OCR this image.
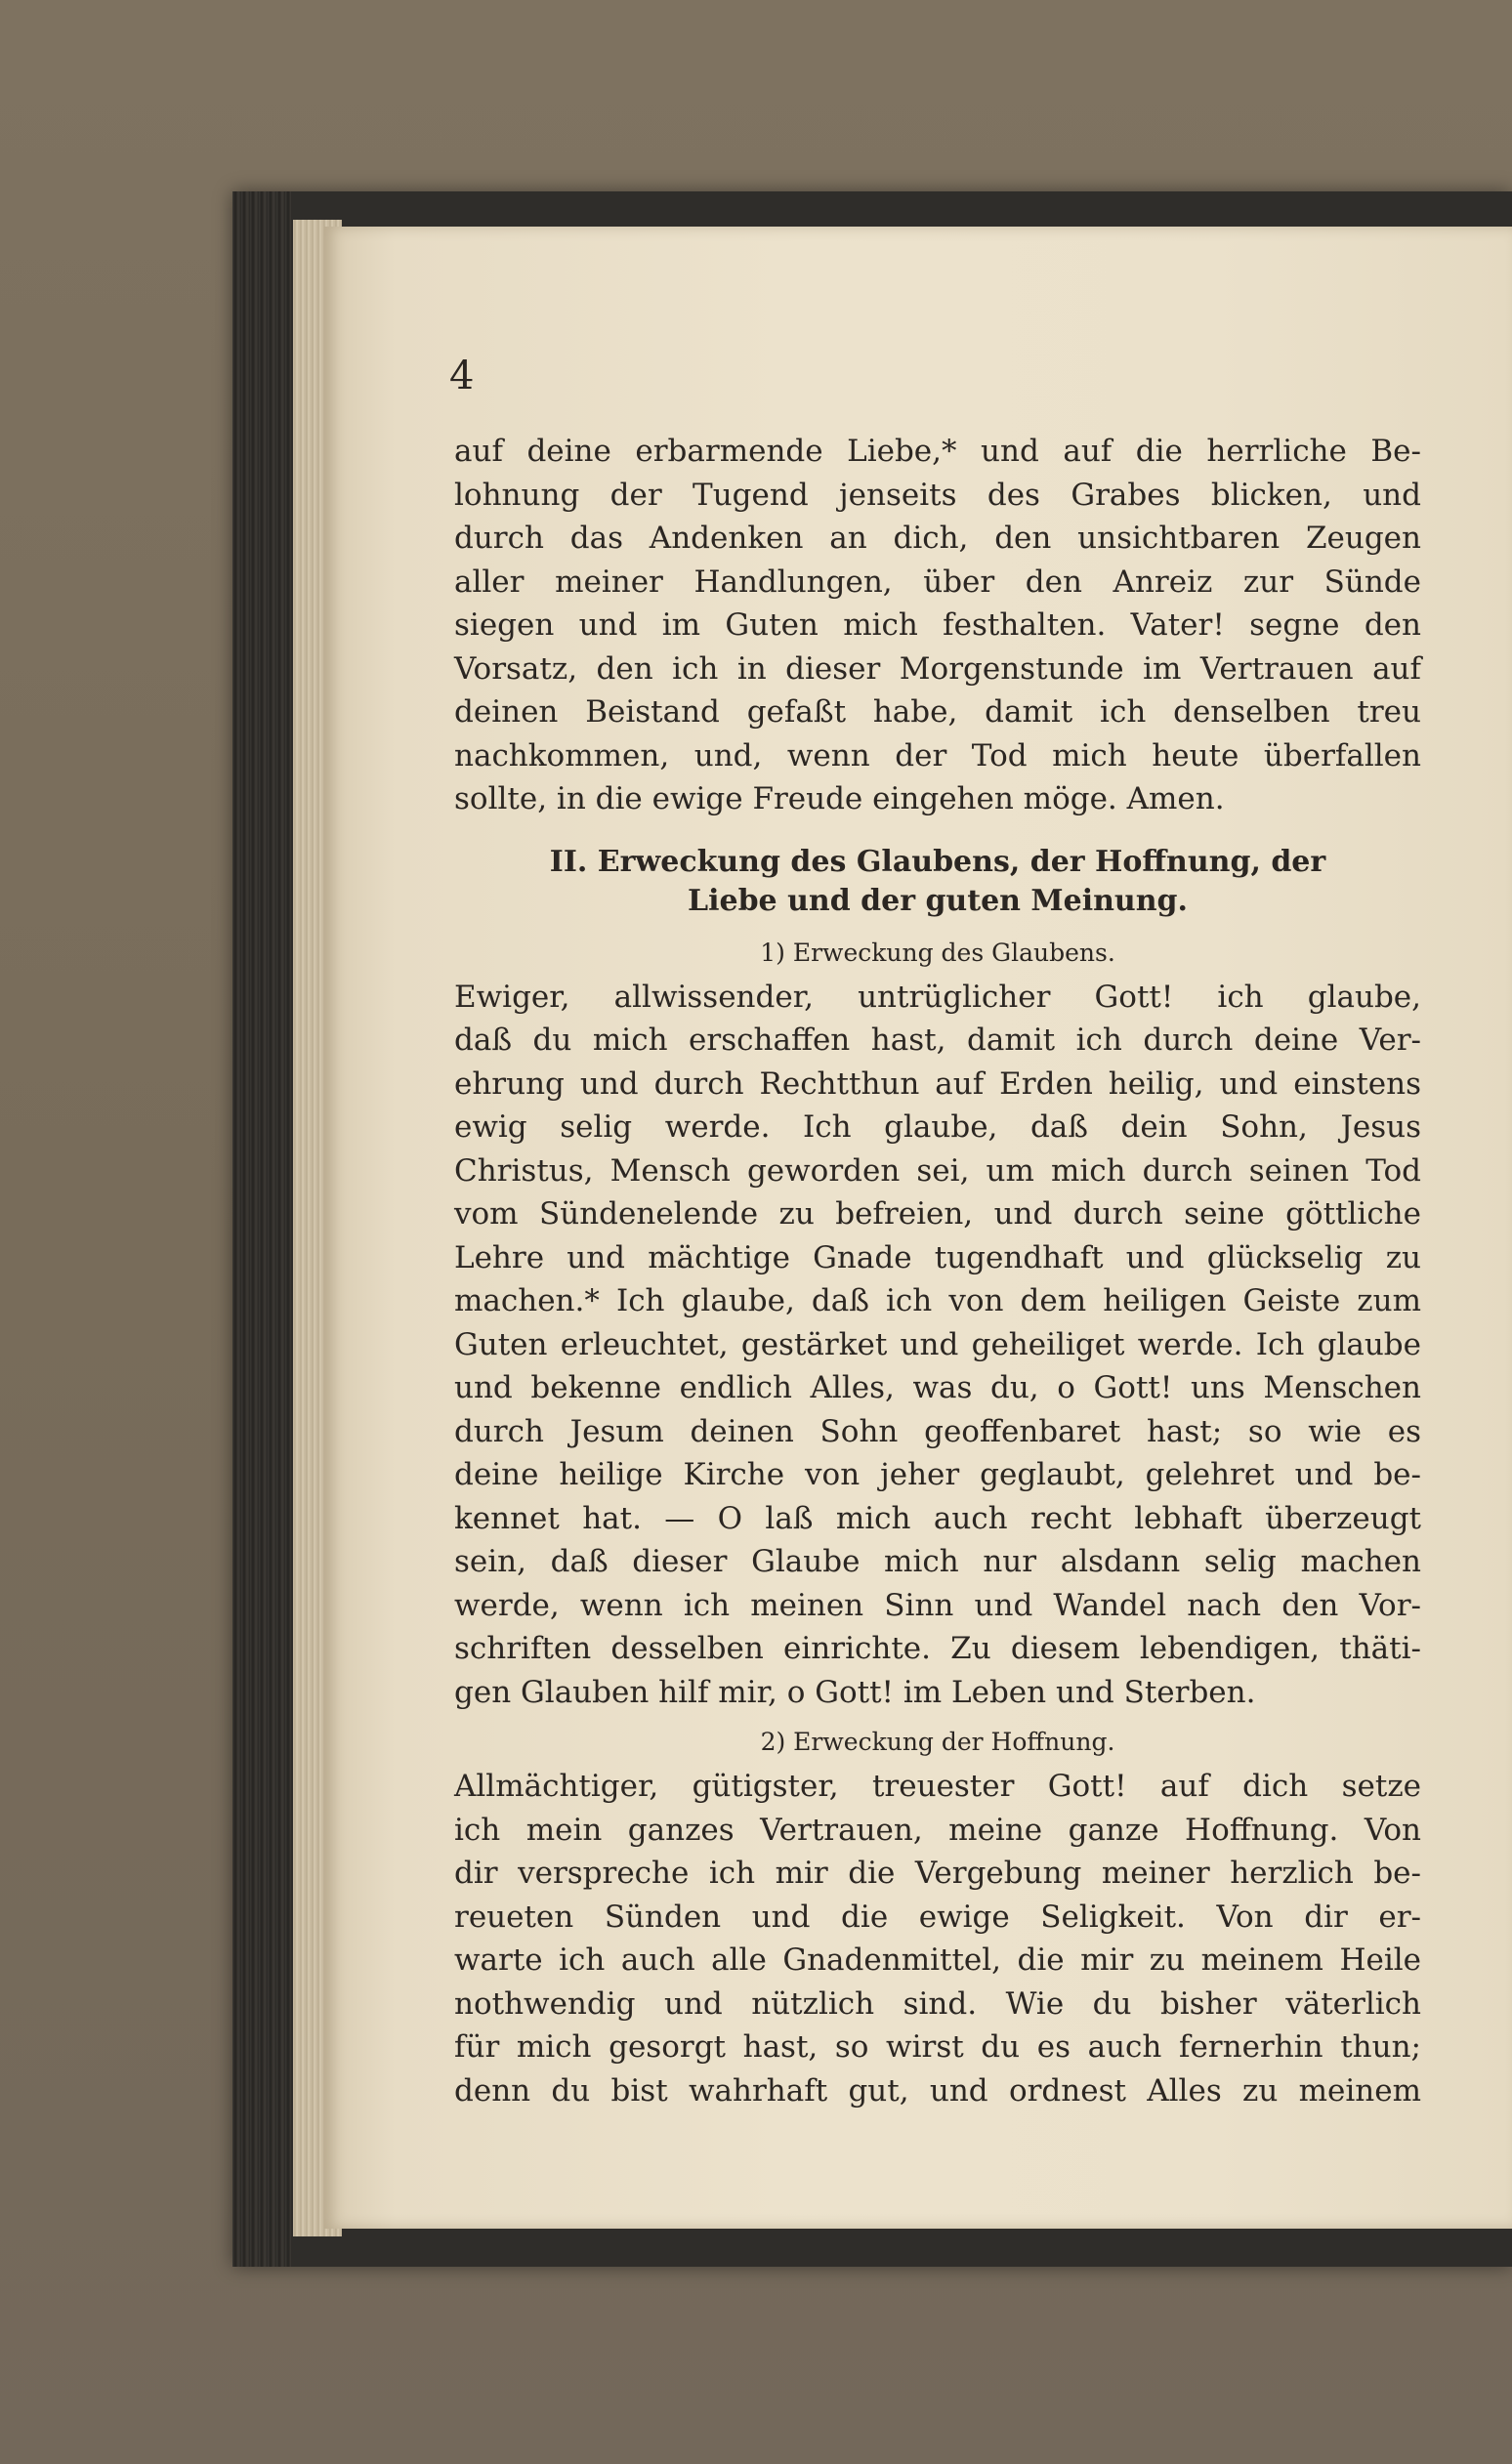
4
auf deine erbarmende Liebe,* und auf die herrliche Be-
lohnung der Tugend jenseits des Grabes blicken, und
durch das Andenken an dich, den unsichtbaren Zeugen
aller meiner Handlungen, über den Anreiz zur Sünde
siegen und im Guten mich festhalten. Vater! segne den
Vorsatz, den ich in dieser Morgenstunde im Vertrauen auf
deinen Beistand gefaßt habe, damit ich denselben treu
nachkommen, und, wenn der Tod mich heute überfallen
sollte, in die ewige Freude eingehen möge. Amen.
II. Erweckung des Glaubens, der Hoffnung, der
Liebe und der guten Meinung.
1) Erweckung des Glaubens.
Ewiger, allwissender, untrüglicher Gott! ich glaube,
daß du mich erschaffen hast, damit ich durch deine Ver-
ehrung und durch Rechtthun auf Erden heilig, und einstens
ewig selig werde. Ich glaube, daß dein Sohn, Jesus
Christus, Mensch geworden sei, um mich durch seinen Tod
vom Sündenelende zu befreien, und durch seine göttliche
Lehre und mächtige Gnade tugendhaft und glückselig zu
machen.* Ich glaube, daß ich von dem heiligen Geiste zum
Guten erleuchtet, gestärket und geheiliget werde. Ich glaube
und bekenne endlich Alles, was du, o Gott! uns Menschen
durch Jesum deinen Sohn geoffenbaret hast; so wie es
deine heilige Kirche von jeher geglaubt, gelehret und be-
kennet hat. — O laß mich auch recht lebhaft überzeugt
sein, daß dieser Glaube mich nur alsdann selig machen
werde, wenn ich meinen Sinn und Wandel nach den Vor-
schriften desselben einrichte. Zu diesem lebendigen, thäti-
gen Glauben hilf mir, o Gott! im Leben und Sterben.
2) Erweckung der Hoffnung.
Allmächtiger, gütigster, treuester Gott! auf dich setze
ich mein ganzes Vertrauen, meine ganze Hoffnung. Von
dir verspreche ich mir die Vergebung meiner herzlich be-
reueten Sünden und die ewige Seligkeit. Von dir er-
warte ich auch alle Gnadenmittel, die mir zu meinem Heile
nothwendig und nützlich sind. Wie du bisher väterlich
für mich gesorgt hast, so wirst du es auch fernerhin thun;
denn du bist wahrhaft gut, und ordnest Alles zu meinem
